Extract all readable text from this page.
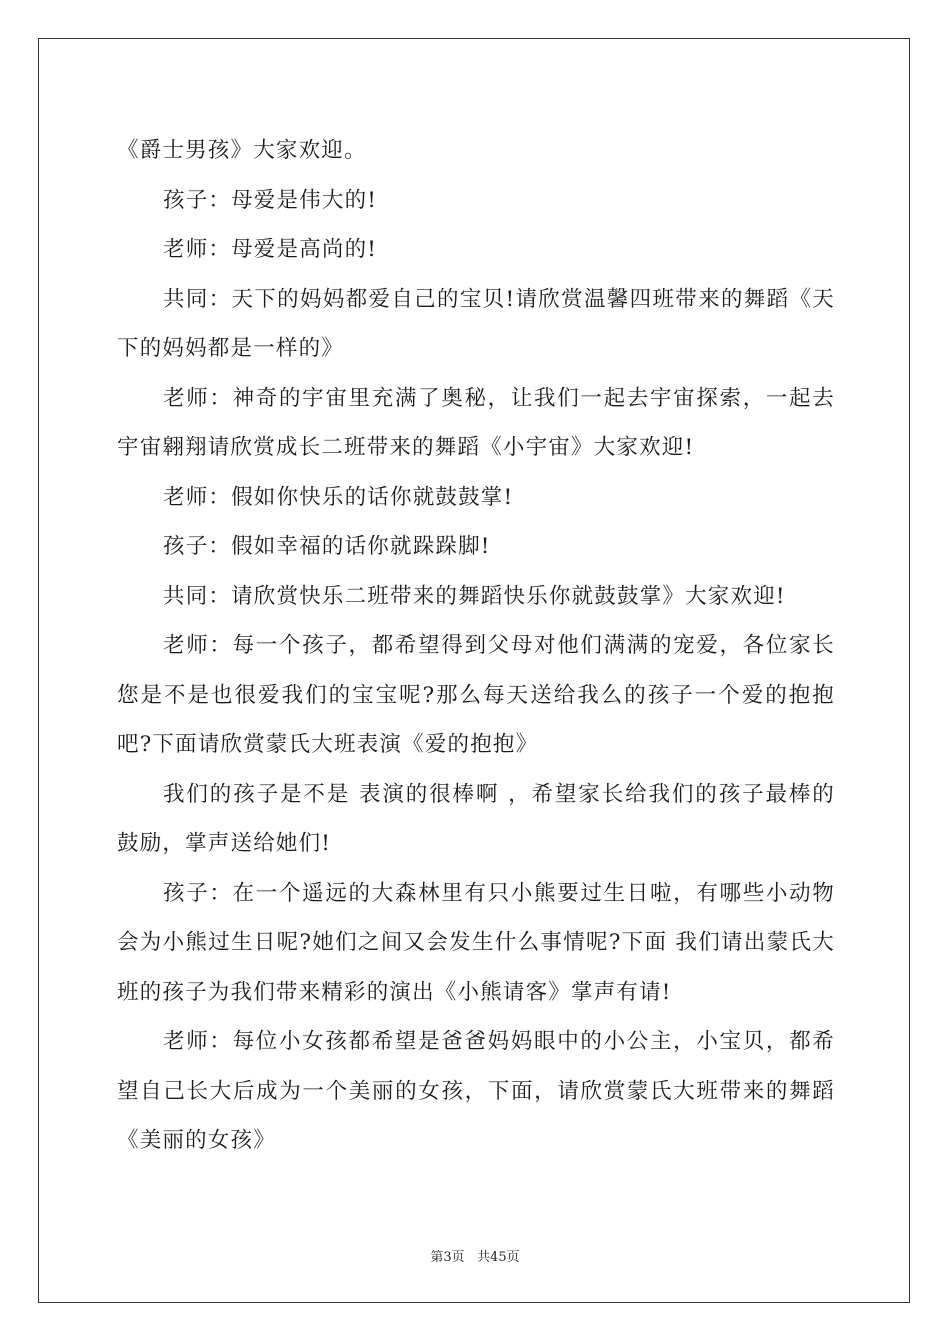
《爵士男孩》大家欢迎。

孩子：母爱是伟大的!

老师：母爱是高尚的!

共同：天下的妈妈都爱自己的宝贝!请欣赏温馨四班带来的舞蹈《天下的妈妈都是一样的》

老师：神奇的宇宙里充满了奥秘，让我们一起去宇宙探索，一起去宇宙翱翔请欣赏成长二班带来的舞蹈《小宇宙》大家欢迎!

老师：假如你快乐的话你就鼓鼓掌!

孩子：假如幸福的话你就跺跺脚!

共同：请欣赏快乐二班带来的舞蹈快乐你就鼓鼓掌》大家欢迎!

老师：每一个孩子，都希望得到父母对他们满满的宠爱，各位家长您是不是也很爱我们的宝宝呢?那么每天送给我么的孩子一个爱的抱抱吧?下面请欣赏蒙氏大班表演《爱的抱抱》

我们的孩子是不是 表演的很棒啊 ，希望家长给我们的孩子最棒的鼓励，掌声送给她们!

孩子：在一个遥远的大森林里有只小熊要过生日啦，有哪些小动物会为小熊过生日呢?她们之间又会发生什么事情呢?下面 我们请出蒙氏大班的孩子为我们带来精彩的演出《小熊请客》掌声有请!

老师：每位小女孩都希望是爸爸妈妈眼中的小公主，小宝贝，都希望自己长大后成为一个美丽的女孩，下面，请欣赏蒙氏大班带来的舞蹈《美丽的女孩》

第3页   共45页
